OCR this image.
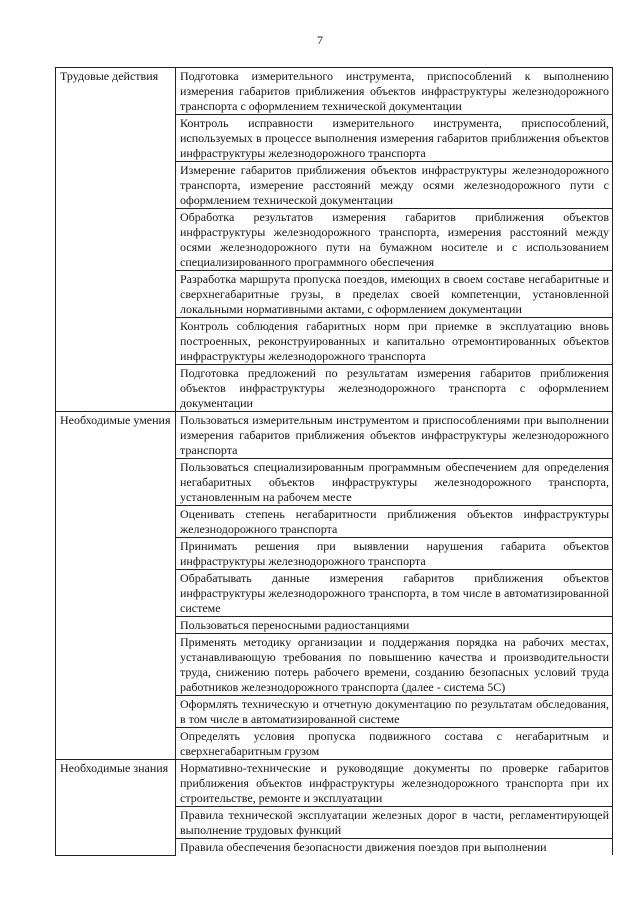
7
Трудовые действия	Подготовка измерительного инструмента, приспособлений к выполнению измерения габаритов приближения объектов инфраструктуры железнодорожного транспорта с оформлением технической документации
	Контроль исправности измерительного инструмента, приспособлений, используемых в процессе выполнения измерения габаритов приближения объектов инфраструктуры железнодорожного транспорта
	Измерение габаритов приближения объектов инфраструктуры железнодорожного транспорта, измерение расстояний между осями железнодорожного пути с оформлением технической документации
	Обработка результатов измерения габаритов приближения объектов инфраструктуры железнодорожного транспорта, измерения расстояний между осями железнодорожного пути на бумажном носителе и с использованием специализированного программного обеспечения
	Разработка маршрута пропуска поездов, имеющих в своем составе негабаритные и сверхнегабаритные грузы, в пределах своей компетенции, установленной локальными нормативными актами, с оформлением документации
	Контроль соблюдения габаритных норм при приемке в эксплуатацию вновь построенных, реконструированных и капитально отремонтированных объектов инфраструктуры железнодорожного транспорта
	Подготовка предложений по результатам измерения габаритов приближения объектов инфраструктуры железнодорожного транспорта с оформлением документации
Необходимые умения	Пользоваться измерительным инструментом и приспособлениями при выполнении измерения габаритов приближения объектов инфраструктуры железнодорожного транспорта
	Пользоваться специализированным программным обеспечением для определения негабаритных объектов инфраструктуры железнодорожного транспорта, установленным на рабочем месте
	Оценивать степень негабаритности приближения объектов инфраструктуры железнодорожного транспорта
	Принимать решения при выявлении нарушения габарита объектов инфраструктуры железнодорожного транспорта
	Обрабатывать данные измерения габаритов приближения объектов инфраструктуры железнодорожного транспорта, в том числе в автоматизированной системе
	Пользоваться переносными радиостанциями
	Применять методику организации и поддержания порядка на рабочих местах, устанавливающую требования по повышению качества и производительности труда, снижению потерь рабочего времени, созданию безопасных условий труда работников железнодорожного транспорта (далее - система 5С)
	Оформлять техническую и отчетную документацию по результатам обследования, в том числе в автоматизированной системе
	Определять условия пропуска подвижного состава с негабаритным и сверхнегабаритным грузом
Необходимые знания	Нормативно-технические и руководящие документы по проверке габаритов приближения объектов инфраструктуры железнодорожного транспорта при их строительстве, ремонте и эксплуатации
	Правила технической эксплуатации железных дорог в части, регламентирующей выполнение трудовых функций
	Правила обеспечения безопасности движения поездов при выполнении
